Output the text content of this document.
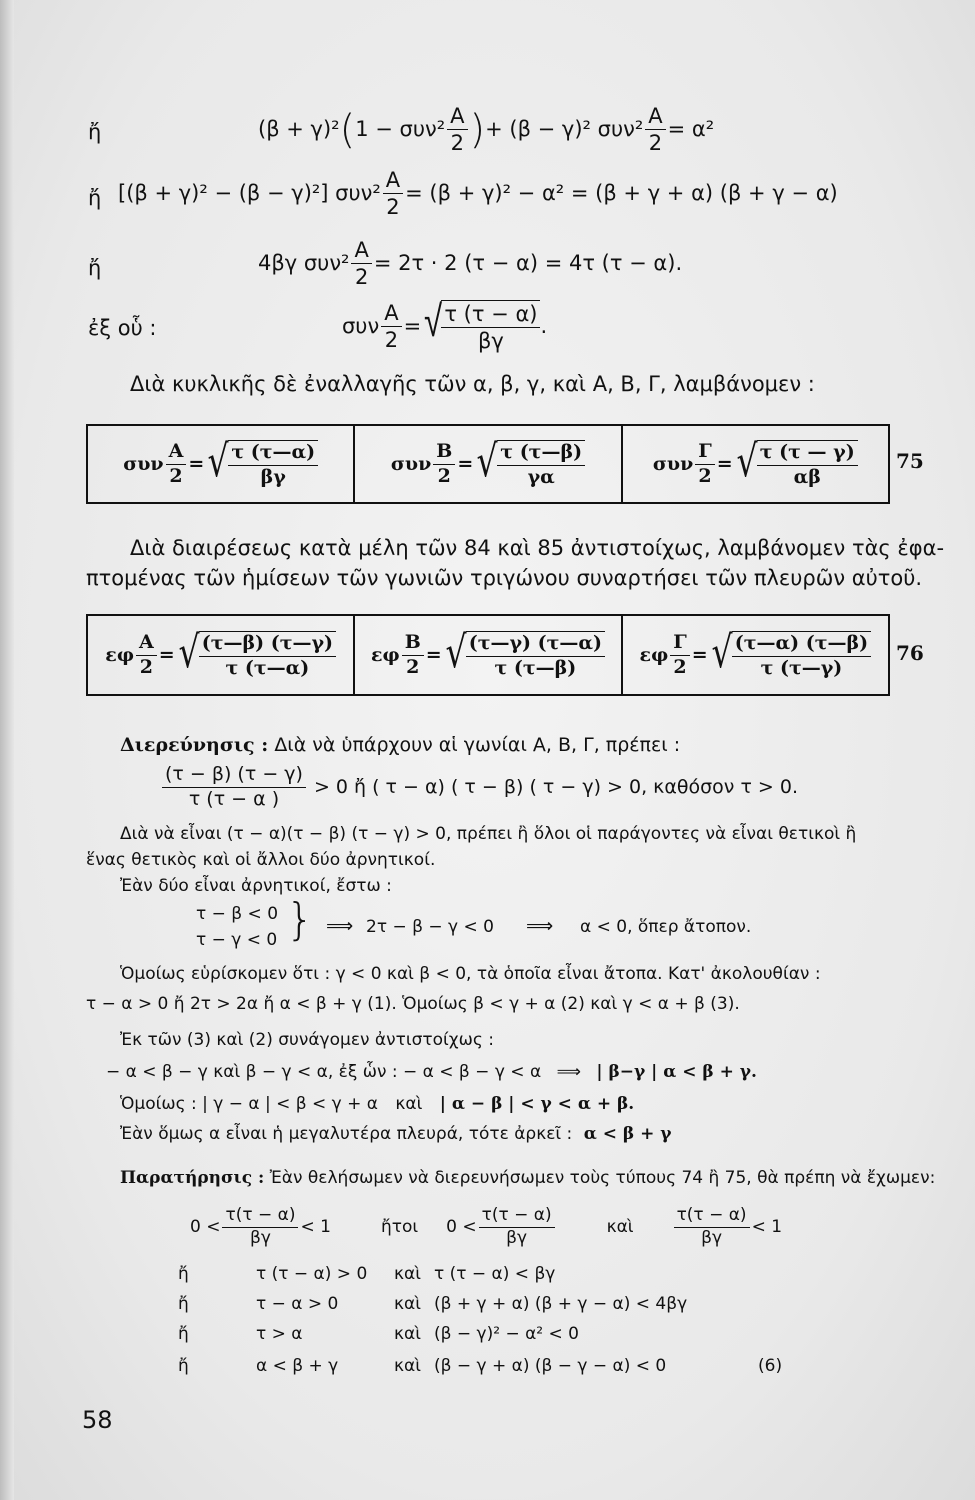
ἤ	(β + γ)² ( $1 - \sigma\upsilon\nu^2 \frac{A}{2}$ ) + (β − γ)² $\sigma\upsilon\nu^2 \frac{A}{2} = \alpha^2$
ἤ [(β + γ)² − (β − γ)²] $\sigma\upsilon\nu^2 \frac{A}{2} = (\beta + \gamma)^2 - \alpha^2 = (\beta + \gamma + \alpha) (\beta + \gamma - \alpha)$
ἤ	4βγ $\sigma\upsilon\nu^2 \frac{A}{2} = 2\tau \cdot 2$ (τ − α) = 4τ (τ − α).
ἐξ οὗ :	συν $\frac{A}{2}$ = √ $\frac{\tau (\tau - \alpha)}{\beta\gamma}$ .
Διὰ κυκλικῆς δὲ ἐναλλαγῆς τῶν α, β, γ, καὶ Α, Β, Γ, λαμβάνομεν :
συν $\frac{A}{2}$ = √ $\frac{\tau (\tau—\alpha)}{\beta\gamma}$	συν $\frac{B}{2}$ = √ $\frac{\tau (\tau—\beta)}{\gamma\alpha}$	συν $\frac{\Gamma}{2}$ = √ $\frac{\tau (\tau — \gamma)}{\alpha\beta} 75$
Διὰ διαιρέσεως κατὰ μέλη τῶν 84 καὶ 85 ἀντιστοίχως, λαμβάνομεν τὰς ἐφα-
πτομένας τῶν ἡμίσεων τῶν γωνιῶν τριγώνου συναρτήσει τῶν πλευρῶν αὐτοῦ.
εφ $\frac{A}{2}$ = √ $\frac{(\tau—\beta) (\tau—\gamma)}{\tau (\tau—\alpha)}$ εφ $\frac{B}{2}$ = √ $\frac{(\tau—\gamma) (\tau—\alpha)}{\tau (\tau—\beta)}$ εφ $\frac{\Gamma}{2}$ = √ $\frac{(\tau—\alpha) (\tau—\beta)}{\tau (\tau—\gamma)} 76$
Διερεύνησις : Διὰ νὰ ὑπάρχουν αἱ γωνίαι Α, Β, Γ, πρέπει :
$\frac{(\tau - \beta) (\tau - \gamma)}{\tau (\tau - \alpha )} > 0$ ἤ ( τ − α) ( τ − β) ( τ − γ) > 0, καθόσον τ > 0.
Διὰ νὰ εἶναι (τ − α)(τ − β) (τ − γ) > 0, πρέπει ἢ ὅλοι οἱ παράγοντες νὰ εἶναι θετικοὶ ἢ
ἕνας θετικὸς καὶ οἱ ἄλλοι δύο ἀρνητικοί.
Ἐὰν δύο εἶναι ἀρνητικοί, ἔστω :
τ − β < 0
τ − γ < 0 } ⟹ 2τ − β − γ < 0 ⟹ α < 0, ὅπερ ἄτοπον.
Ὁμοίως εὑρίσκομεν ὅτι : γ < 0 καὶ β < 0, τὰ ὁποῖα εἶναι ἄτοπα. Κατ' ἀκολουθίαν :
τ − α > 0 ἤ 2τ > 2α ἤ α < β + γ (1). Ὁμοίως β < γ + α (2) καὶ γ < α + β (3).
Ἐκ τῶν (3) καὶ (2) συνάγομεν ἀντιστοίχως :
− α < β − γ καὶ β − γ < α, ἐξ ὧν : − α < β − γ < α ⟹ | β−γ | α < β + γ.
Ὁμοίως : | γ − α | < β < γ + α καὶ | α − β | < γ < α + β.
Ἐὰν ὅμως α εἶναι ἡ μεγαλυτέρα πλευρά, τότε ἀρκεῖ : α < β + γ
Παρατήρησις : Ἐὰν θελήσωμεν νὰ διερευνήσωμεν τοὺς τύπους 74 ἢ 75, θὰ πρέπη νὰ ἔχωμεν:
$0 < \frac{\tau(\tau - \alpha)}{\beta\gamma} < 1$	ἤτοι $0 < \frac{\tau(\tau - \alpha)}{\beta\gamma}$	καὶ $\frac{\tau(\tau - \alpha)}{\beta\gamma} < 1$
ἤ	τ (τ − α) > 0 καὶ τ (τ − α) < βγ
ἤ	τ − α > 0	καὶ (β + γ + α) (β + γ − α) < 4βγ
ἤ	τ > α	καὶ (β − γ)² − α² < 0
ἤ	α < β + γ	καὶ (β − γ + α) (β − γ − α) < 0	(6)
58
